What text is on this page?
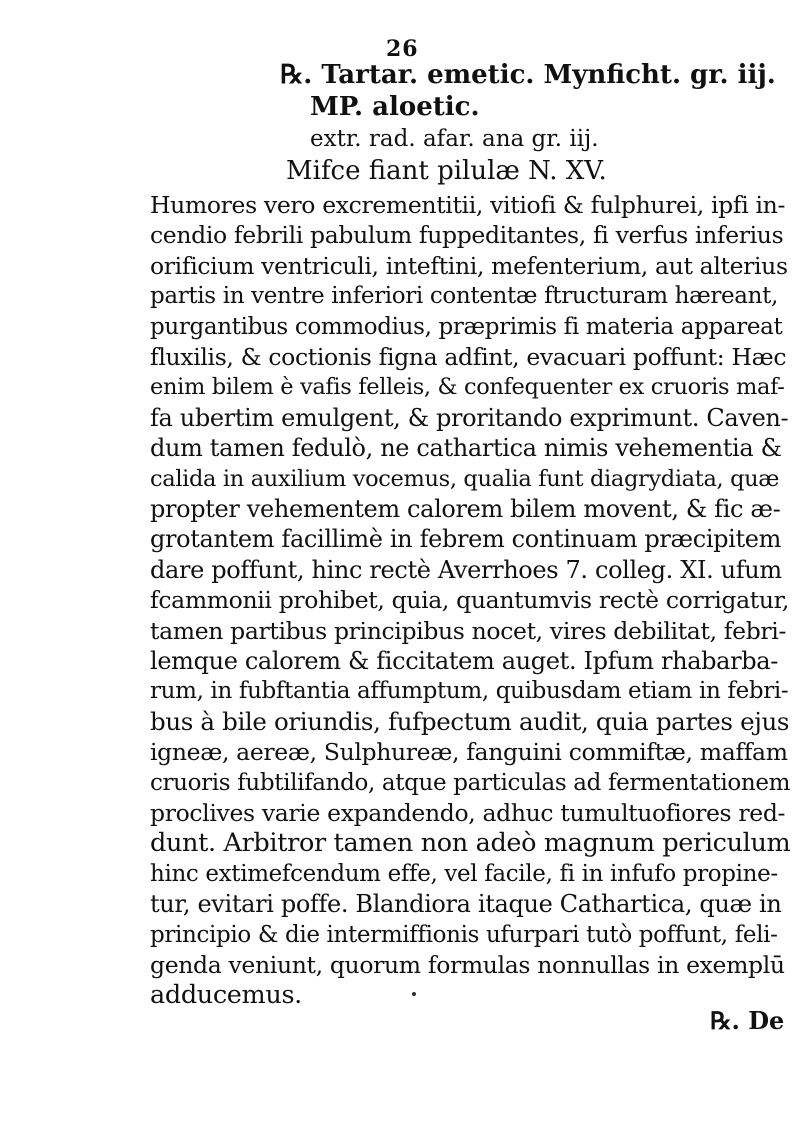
26
℞. Tartar. emetic. Mynficht. gr. iij.
MP. aloetic.
extr. rad. afar. ana gr. iij.
Mifce fiant pilulæ N. XV.
Humores vero excrementitii, vitiofi & fulphurei, ipfi in-
cendio febrili pabulum fuppeditantes, fi verfus inferius
orificium ventriculi, inteftini, mefenterium, aut alterius
partis in ventre inferiori contentæ ftructuram hæreant,
purgantibus commodius, præprimis fi materia appareat
fluxilis, & coctionis figna adfint, evacuari poffunt: Hæc
enim bilem è vafis felleis, & confequenter ex cruoris maf-
fa ubertim emulgent, & proritando exprimunt. Caven-
dum tamen fedulò, ne cathartica nimis vehementia &
calida in auxilium vocemus, qualia funt diagrydiata, quæ
propter vehementem calorem bilem movent, & fic æ-
grotantem facillimè in febrem continuam præcipitem
dare poffunt, hinc rectè Averrhoes 7. colleg. XI. ufum
fcammonii prohibet, quia, quantumvis rectè corrigatur,
tamen partibus principibus nocet, vires debilitat, febri-
lemque calorem & ficcitatem auget. Ipfum rhabarba-
rum, in fubftantia affumptum, quibusdam etiam in febri-
bus à bile oriundis, fufpectum audit, quia partes ejus
igneæ, aereæ, Sulphureæ, fanguini commiftæ, maffam
cruoris fubtilifando, atque particulas ad fermentationem
proclives varie expandendo, adhuc tumultuofiores red-
dunt. Arbitror tamen non adeò magnum periculum
hinc extimefcendum effe, vel facile, fi in infufo propine-
tur, evitari poffe. Blandiora itaque Cathartica, quæ in
principio & die intermiffionis ufurpari tutò poffunt, feli-
genda veniunt, quorum formulas nonnullas in exemplū
adducemus.
℞. De
